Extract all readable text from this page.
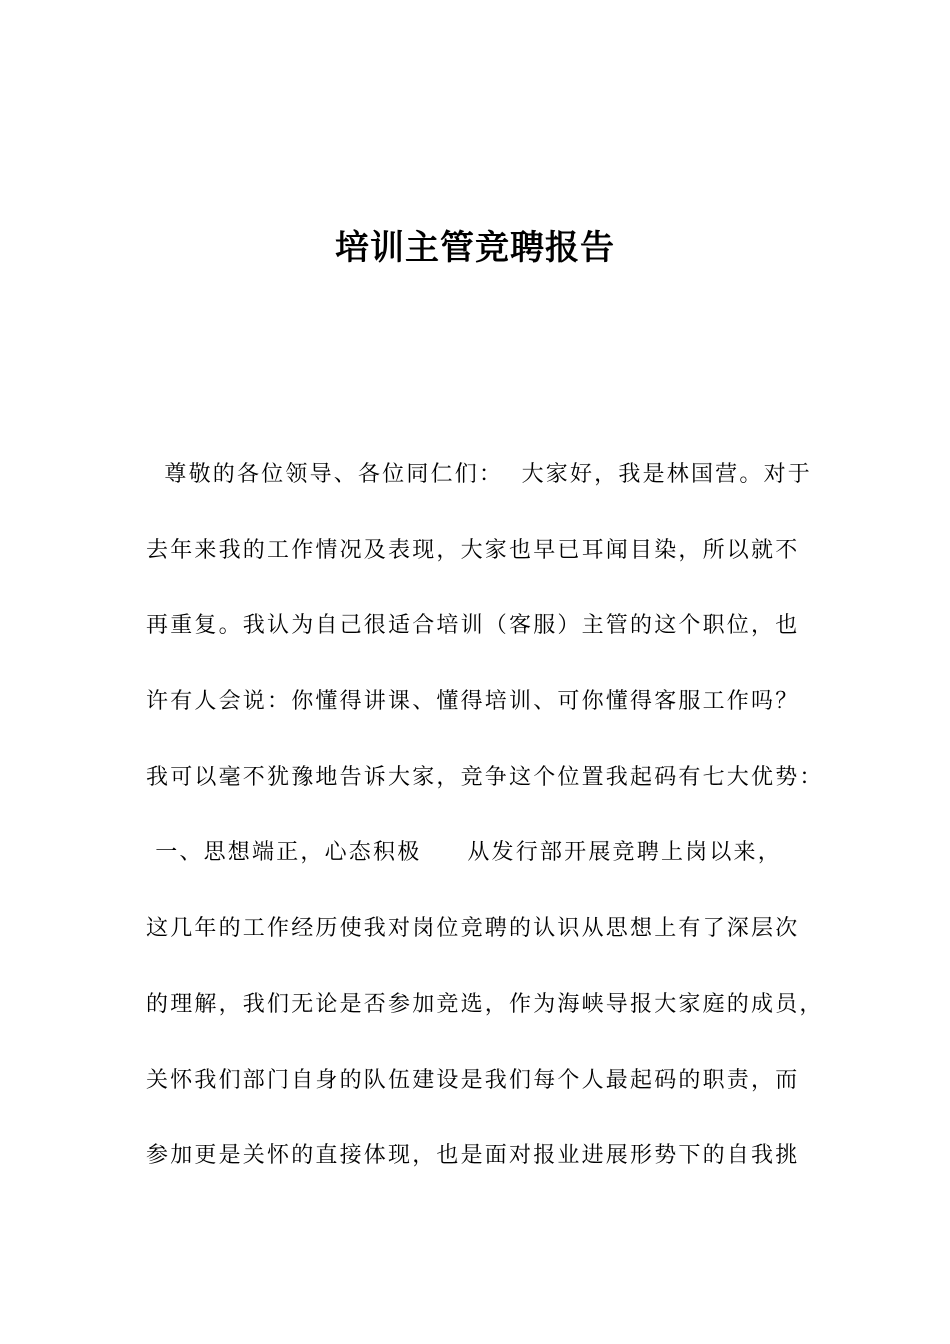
培训主管竞聘报告
尊敬的各位领导、各位同仁们：  大家好，我是林国营。对于
去年来我的工作情况及表现，大家也早已耳闻目染，所以就不
再重复。我认为自己很适合培训（客服）主管的这个职位，也
许有人会说：你懂得讲课、懂得培训、可你懂得客服工作吗？
我可以毫不犹豫地告诉大家，竞争这个位置我起码有七大优势：
一、思想端正，心态积极     从发行部开展竞聘上岗以来，
这几年的工作经历使我对岗位竞聘的认识从思想上有了深层次
的理解，我们无论是否参加竞选，作为海峡导报大家庭的成员，
关怀我们部门自身的队伍建设是我们每个人最起码的职责，而
参加更是关怀的直接体现，也是面对报业进展形势下的自我挑
